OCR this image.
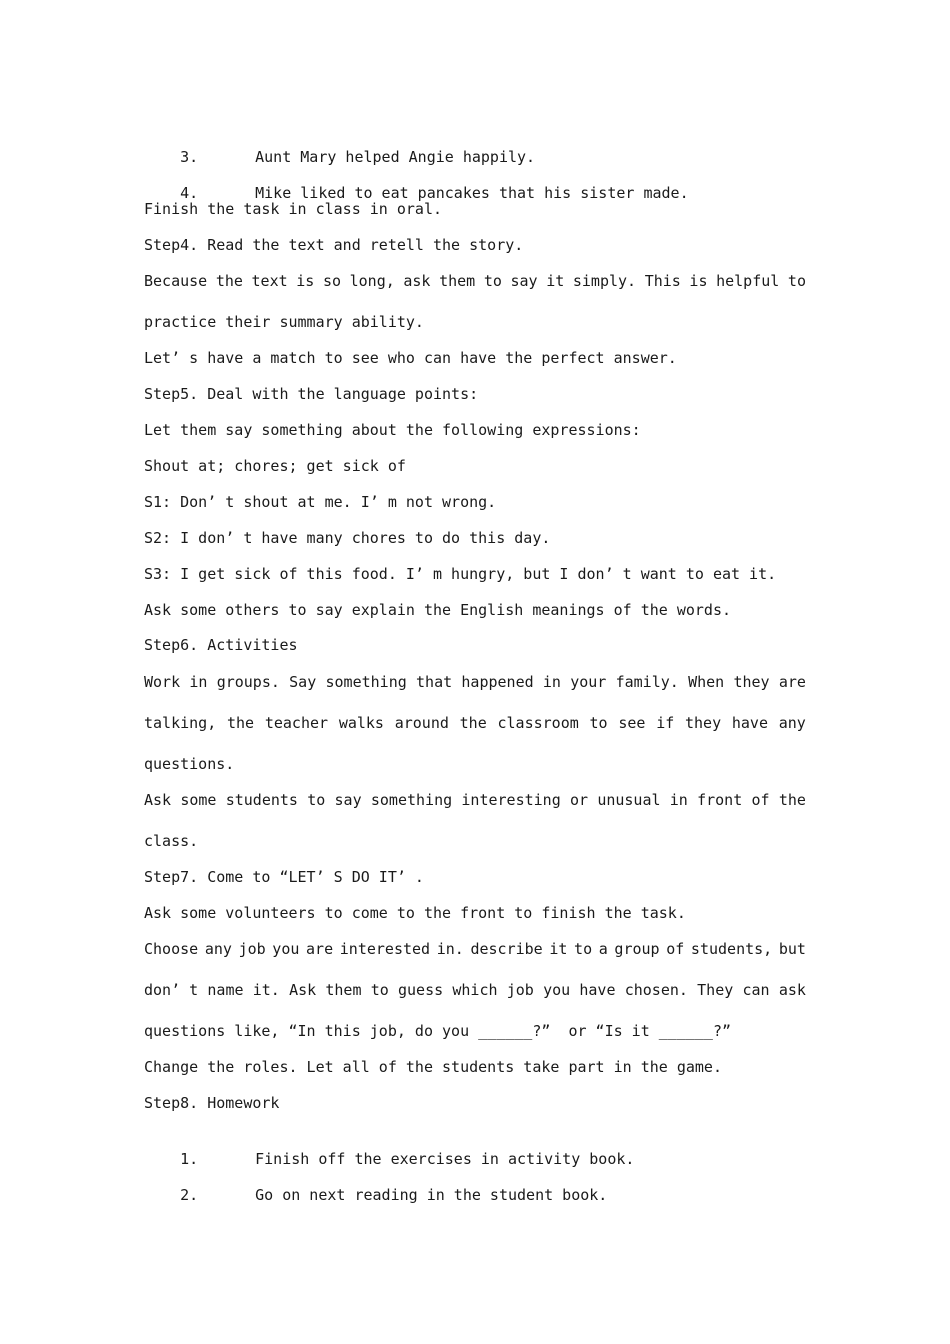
3.	Aunt Mary helped Angie happily.

4.	Mike liked to eat pancakes that his sister made.

Finish the task in class in oral.
Step4. Read the text and retell the story.
Because the text is so long, ask them to say it simply. This is helpful to
practice their summary ability.
Let’ s have a match to see who can have the perfect answer.
Step5. Deal with the language points:
Let them say something about the following expressions:
Shout at; chores; get sick of
S1: Don’ t shout at me. I’ m not wrong.
S2: I don’ t have many chores to do this day.
S3: I get sick of this food. I’ m hungry, but I don’ t want to eat it.
Ask some others to say explain the English meanings of the words.
Step6. Activities
Work in groups. Say something that happened in your family. When they are
talking, the teacher walks around the classroom to see if they have any
questions.
Ask some students to say something interesting or unusual in front of the
class.
Step7. Come to “LET’ S DO IT’ .
Ask some volunteers to come to the front to finish the task.
Choose any job you are interested in. describe it to a group of students, but
don’ t name it. Ask them to guess which job you have chosen. They can ask
questions like, “In this job, do you ______?”  or “Is it ______?”
Change the roles. Let all of the students take part in the game.
Step8. Homework

1.	Finish off the exercises in activity book.

2.	Go on next reading in the student book.
